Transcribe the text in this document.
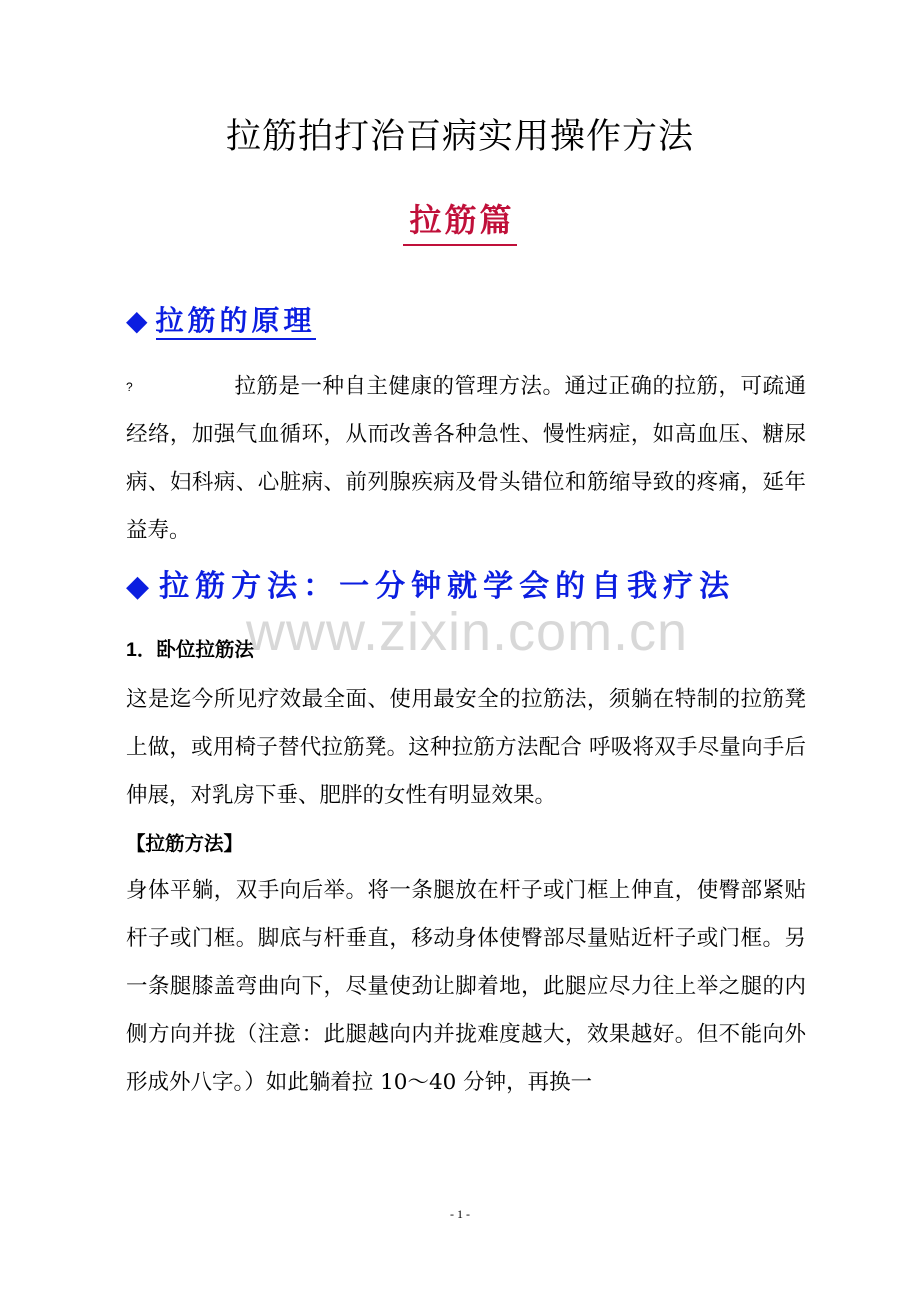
拉筋拍打治百病实用操作方法
拉筋篇
◆ 拉筋的原理
?	拉筋是一种自主健康的管理方法。通过正确的拉筋，可疏通经络，加强气血循环，从而改善各种急性、慢性病症，如高血压、糖尿病、妇科病、心脏病、前列腺疾病及骨头错位和筋缩导致的疼痛，延年益寿。
◆ 拉筋方法：一分钟就学会的自我疗法
www.zixin.com.cn
1．卧位拉筋法
这是迄今所见疗效最全面、使用最安全的拉筋法，须躺在特制的拉筋凳上做，或用椅子替代拉筋凳。这种拉筋方法配合 呼吸将双手尽量向手后伸展，对乳房下垂、肥胖的女性有明显效果。
【拉筋方法】
身体平躺，双手向后举。将一条腿放在杆子或门框上伸直，使臀部紧贴杆子或门框。脚底与杆垂直，移动身体使臀部尽量贴近杆子或门框。另一条腿膝盖弯曲向下，尽量使劲让脚着地，此腿应尽力往上举之腿的内侧方向并拢（注意：此腿越向内并拢难度越大，效果越好。但不能向外形成外八字。）如此躺着拉 10～40 分钟，再换一
- 1 -
